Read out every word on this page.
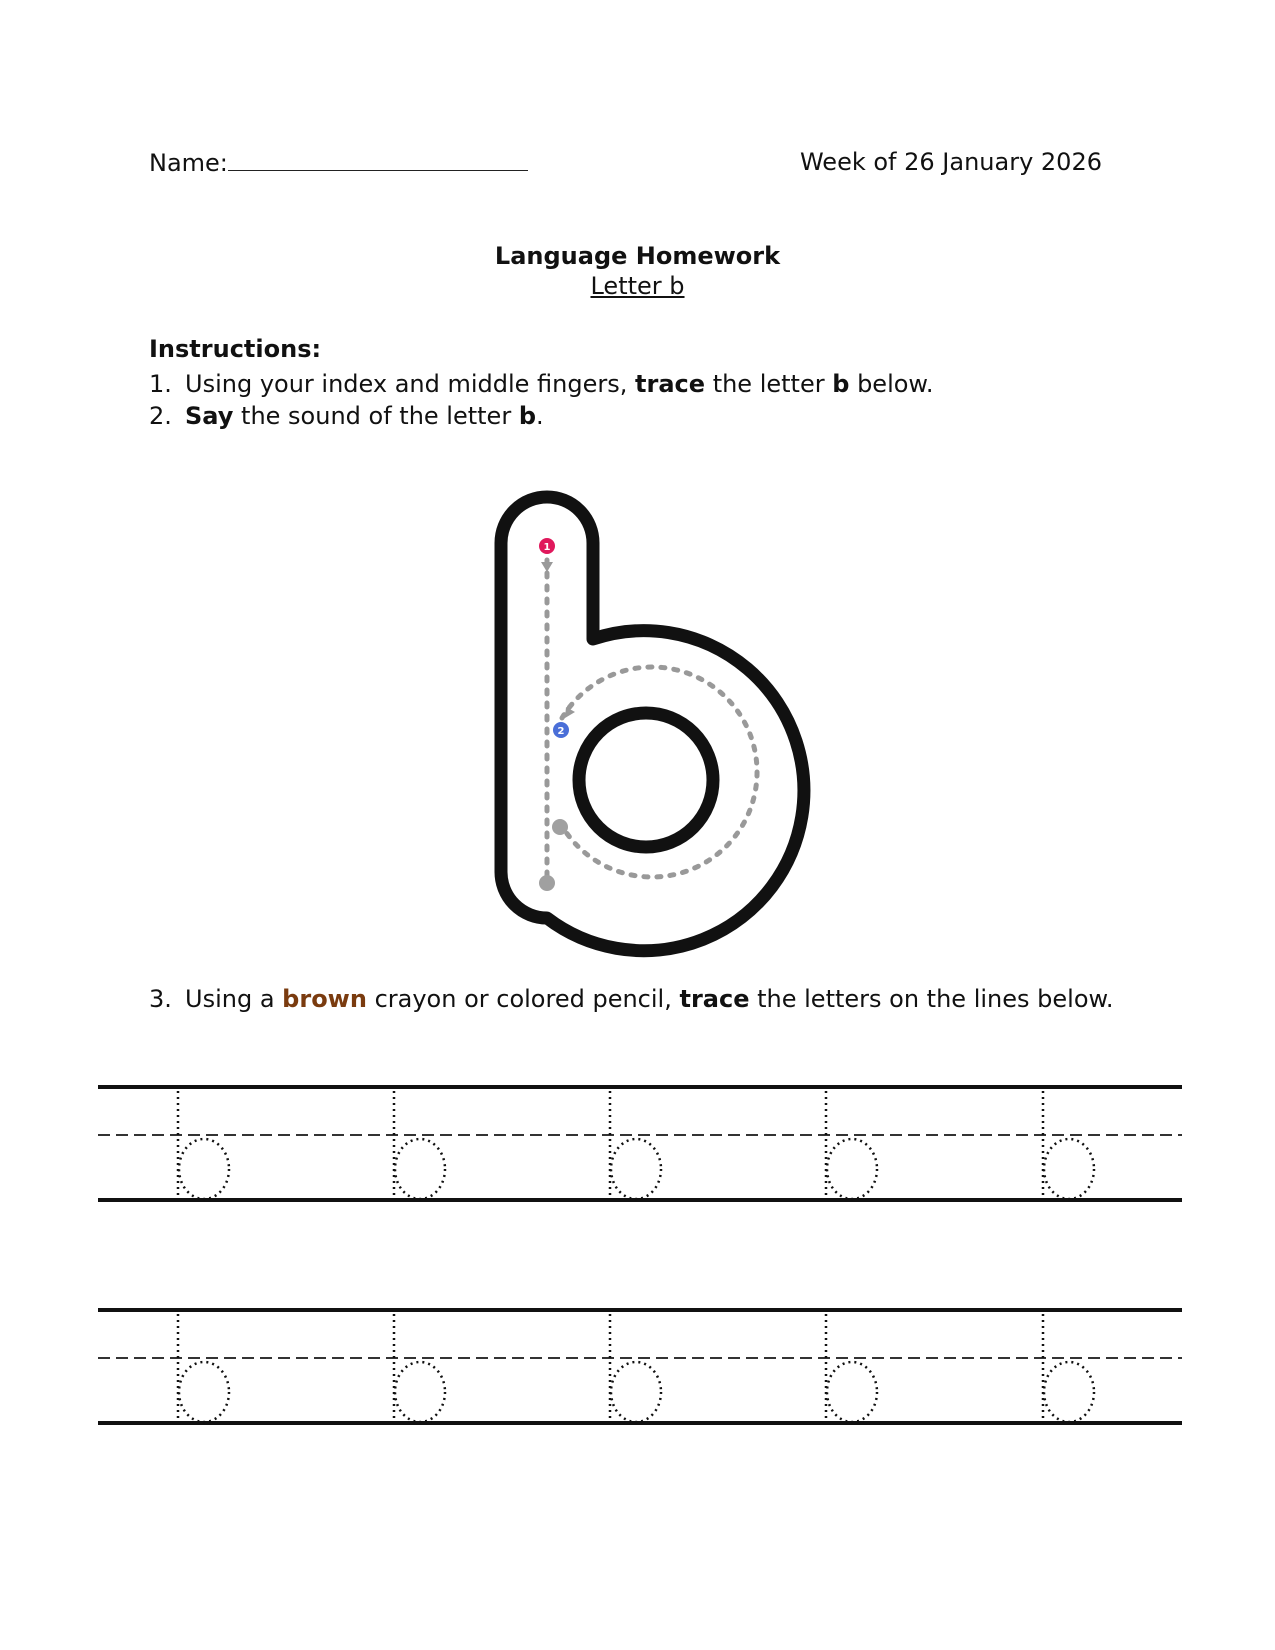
Name:	Week of 26 January 2026
Language Homework
Letter b
Instructions:
1. Using your index and middle fingers, trace the letter b below.
2. Say the sound of the letter b.
1
2
3. Using a brown crayon or colored pencil, trace the letters on the lines below.
